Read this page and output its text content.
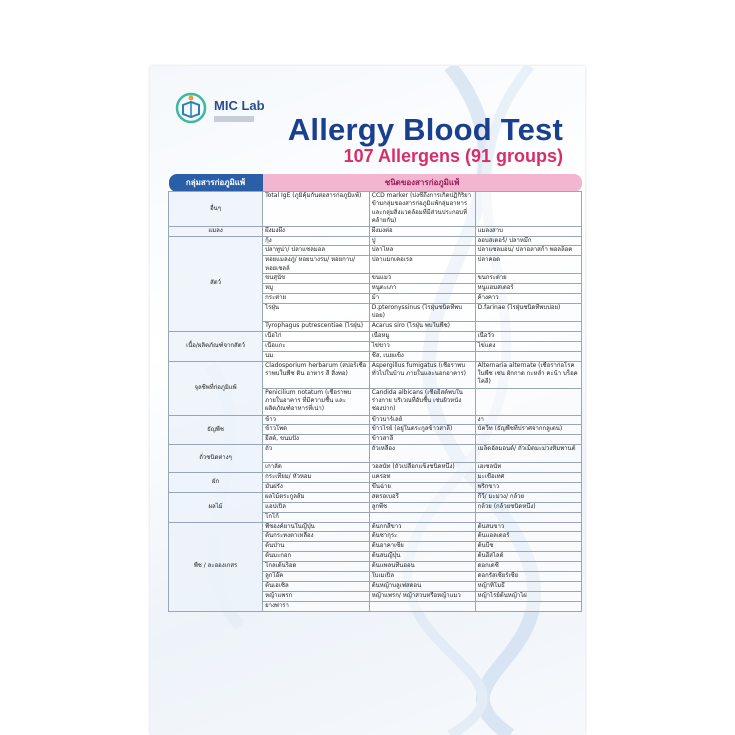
MIC Lab
Allergy Blood Test
107 Allergens (91 groups)
กลุ่มสารก่อภูมิแพ้	ชนิดของสารก่อภูมิแพ้		
อื่นๆ	Total IgE (ภูมิคุ้มกันต่อสารก่อภูมิแพ้)	CCD marker (บ่งชี้ถึงการเกิดปฏิกิริยาข้ามกลุ่มของสารก่อภูมิแพ้กลุ่มอาหารและกลุ่มสิ่งแวดล้อมที่มีส่วนประกอบที่คล้ายกัน)	
แมลง	ผึ้งมงผึ้ง	ผึ้งมงต่อ	แมลงสาบ
สัตว์	กุ้ง	ปู	ลอบสเตอร์/ ปลาหมึก
	ปลาทูน่า/ ปลาแซลมอล	ปลาไหล	ปลาแซลมอน/ ปลาอลาสก้า พอลล็อค
	หอยแมลงภู่/ หอยนางรม/ หอยกาบ/ หอยเชลล์	ปลาแมกเคอเรล	ปลาคอด
	ขนสุนัข	ขนแมว	ขนกระต่าย
	หมู	หนูตะเภา	หนูแฮมสเตอร์
	กระต่าย	ม้า	ค้างคาว
	ไรฝุ่น	D.pteronyssinus (ไรฝุ่นชนิดที่พบบ่อย)	D.farinae (ไรฝุ่นชนิดที่พบบ่อย)
	Tyrophagus putrescentiae (ไรฝุ่น)	Acarus siro (ไรฝุ่น พบในพืช)	
เนื้อ/ผลิตภัณฑ์จากสัตว์	เนื้อไก่	เนื้อหมู	เนื้อวัว
	เนื้อแกะ	ไข่ขาว	ไข่แดง
	นม	ชีส, เนยแข็ง	
จุลชีพที่ก่อภูมิแพ้	Cladosporium herbarum (สปอร์เชื้อราพบในพืช ดิน อาหาร สี สิ่งทอ)	Aspergillus fumigatus (เชื้อราพบทั่วไปในบ้าน ภายในและนอกอาคาร)	Alternaria alternate (เชื้อราก่อโรคในพืช เช่น ผักกาด กะหล่ำ คะน้า บร็อคโคลี)
	Penicilium notatum (เชื้อราพบภายในอาคาร ที่มีความชื้น และผลิตภัณฑ์อาหารที่เน่า)	Candida albicans (เชื้อยีสต์พบในร่างกาย บริเวณที่อับชื้น เช่นผิวหนัง ช่องปาก)	
ธัญพืช	ข้าว	ข้าวบาร์เลย์	งา
	ข้าวโพด	ข้าวไรย์ (อยู่ในตระกูลข้าวสาลี)	บัควีท (ธัญพืชที่ปราศจากกลูเตน)
	ยีสต์, ขนมปัง	ข้าวสาลี	
ถั่วชนิดต่างๆ	ถั่ว	ถั่วเหลือง	เมล็ดอัลมอนด์/ ถั่วเม็ดมะม่วงหิมพานต์
	เกาลัด	วอลนัท (ถั่วเปลือกแข็งชนิดหนึ่ง)	เฮเซลนัท
ผัก	กระเทียม/ หัวหอม	แครอท	มะเขือเทศ
	มันฝรั่ง	ขึ้นฉ่าย	พริกขาว
ผลไม้	ผลไม้ตระกูลส้ม	สตรอเบอรี่	กีวี/ มะม่วง/ กล้วย
	แอปเปิ้ล	ลูกพีช	กล้วย (กล้วยชนิดหนึ่ง)
	โกโก้		
พืช / ละอองเกสร	พืชองค์ยานในญี่ปุ่น	ต้นกกสีขาว	ต้นสนขาว
	ต้นกระทงตาเหลือง	ต้นซากุระ	ต้นแอลเดอร์
	ต้นป่าน	ต้นอาคาเซีย	ต้นบีช
	ต้นมะกอก	ต้นสนญี่ปุ่น	ต้นอีสไลด์
	โกลเด้นร็อด	ต้นแพลนทีนออน	ดอกเดซี่
	ลูกโอ๊ค	ใบเมเปิ้ล	ดอกรัสเซียร์เซีย
	ต้นเฮเซิล	ต้นหญ้าบลูเฟสดอน	หญ้าทิโมธี
	หญ้าแพรก	หญ้าแพรก/ หญ้าสวนหรือหญ้าแมว	หญ้าไรย์ต้นหญ้าไผ่
	ยางพารา		
